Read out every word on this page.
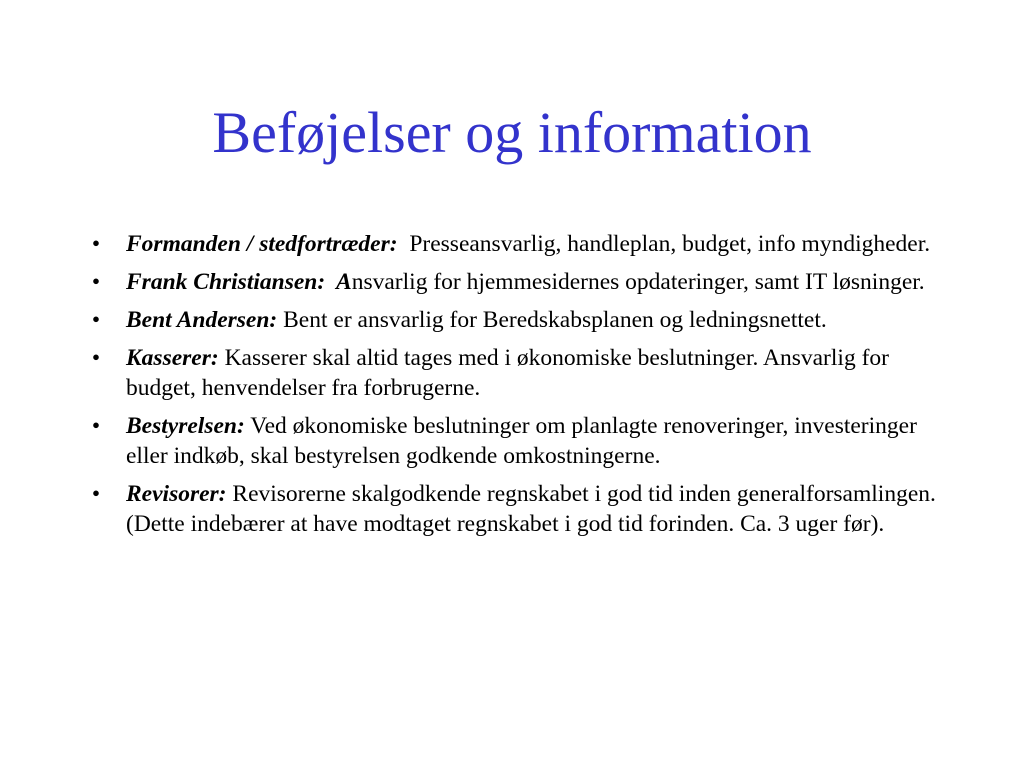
Beføjelser og information
• Formanden / stedfortræder:  Presseansvarlig, handleplan, budget, info myndigheder.
• Frank Christiansen:  Ansvarlig for hjemmesidernes opdateringer, samt IT løsninger.
• Bent Andersen: Bent er ansvarlig for Beredskabsplanen og ledningsnettet.
• Kasserer: Kasserer skal altid tages med i økonomiske beslutninger. Ansvarlig for budget, henvendelser fra forbrugerne.
• Bestyrelsen: Ved økonomiske beslutninger om planlagte renoveringer, investeringer eller indkøb, skal bestyrelsen godkende omkostningerne.
• Revisorer: Revisorerne skalgodkende regnskabet i god tid inden generalforsamlingen. (Dette indebærer at have modtaget regnskabet i god tid forinden. Ca. 3 uger før).
